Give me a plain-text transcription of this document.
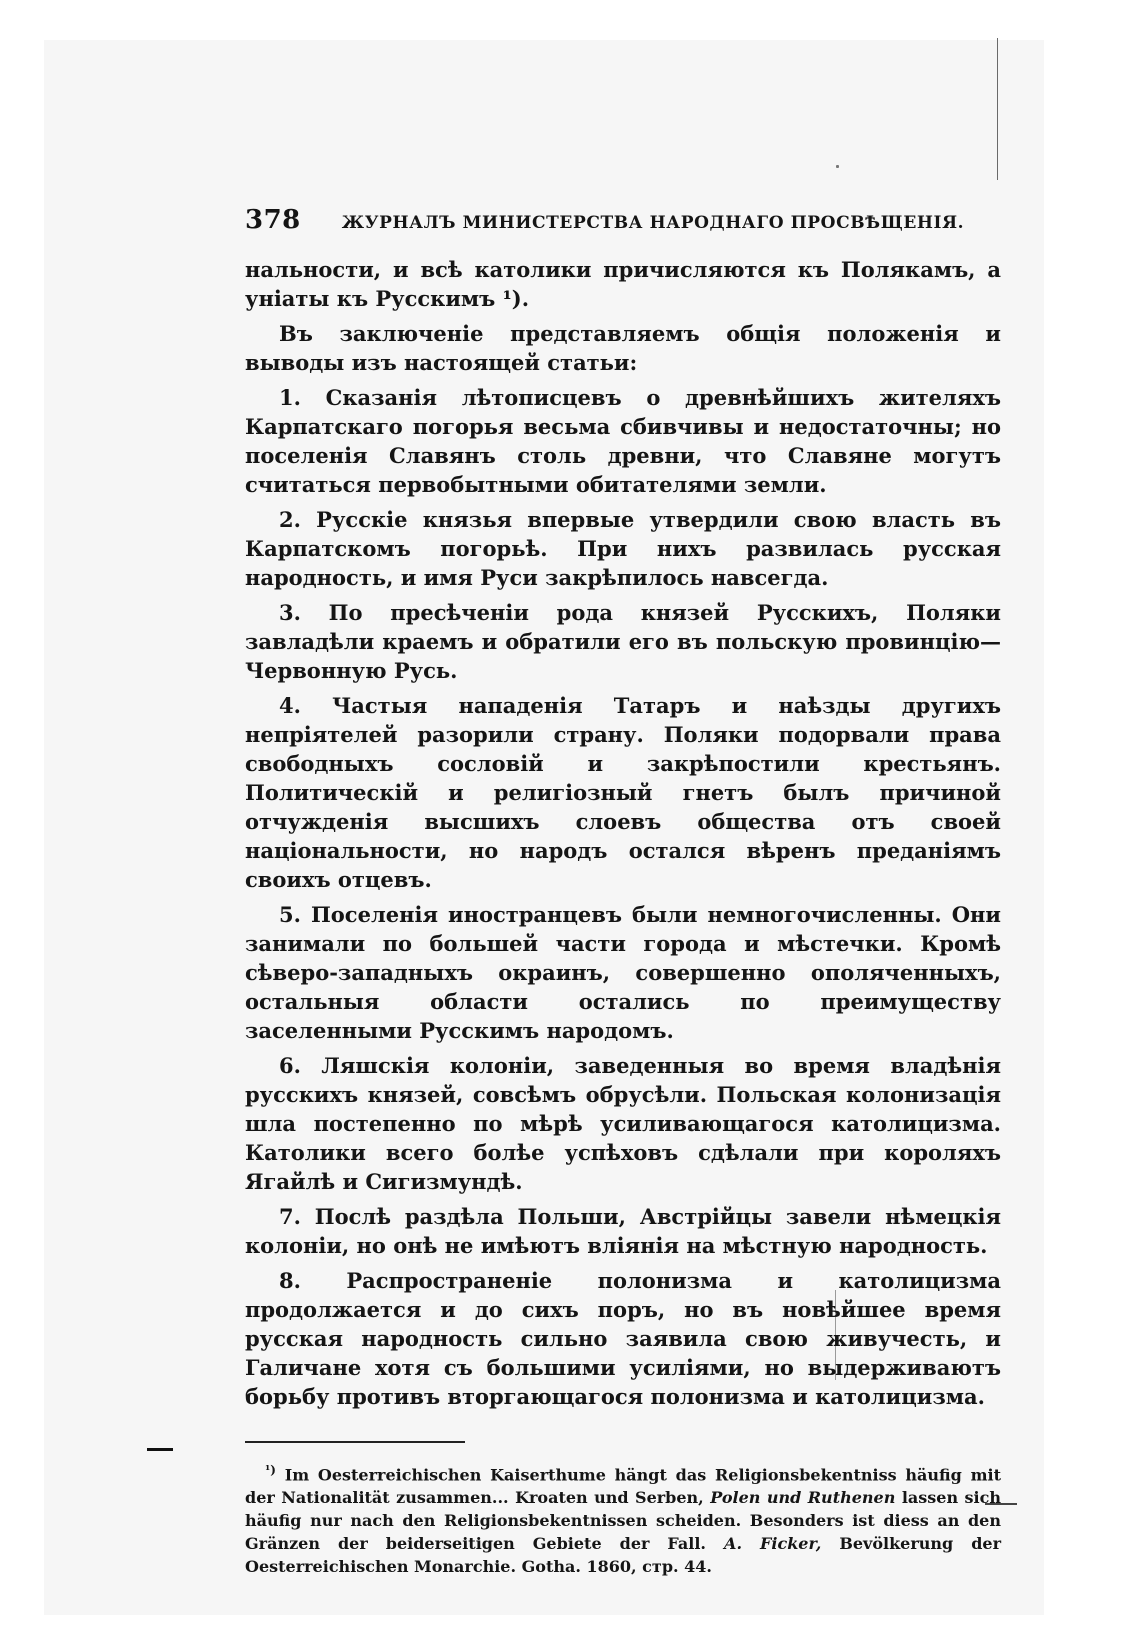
378	ЖУРНАЛЪ МИНИСТЕРСТВА НАРОДНАГО ПРОСВѢЩЕНІЯ.

нальности, и всѣ католики причисляются къ Полякамъ, а уніаты къ Русскимъ ¹).

Въ заключеніе представляемъ общія положенія и выводы изъ настоящей статьи:

1. Сказанія лѣтописцевъ о древнѣйшихъ жителяхъ Карпатскаго погорья весьма сбивчивы и недостаточны; но поселенія Славянъ столь древни, что Славяне могутъ считаться первобытными обитателями земли.

2. Русскіе князья впервые утвердили свою власть въ Карпатскомъ погорьѣ. При нихъ развилась русская народность, и имя Руси закрѣпилось навсегда.

3. По пресѣченіи рода князей Русскихъ, Поляки завладѣли краемъ и обратили его въ польскую провинцію—Червонную Русь.

4. Частыя нападенія Татаръ и наѣзды другихъ непріятелей разорили страну. Поляки подорвали права свободныхъ сословій и закрѣпостили крестьянъ. Политическій и религіозный гнетъ былъ причиной отчужденія высшихъ слоевъ общества отъ своей національности, но народъ остался вѣренъ преданіямъ своихъ отцевъ.

5. Поселенія иностранцевъ были немногочисленны. Они занимали по большей части города и мѣстечки. Кромѣ сѣверо-западныхъ окраинъ, совершенно ополяченныхъ, остальныя области остались по преимуществу заселенными Русскимъ народомъ.

6. Ляшскія колоніи, заведенныя во время владѣнія русскихъ князей, совсѣмъ обрусѣли. Польская колонизація шла постепенно по мѣрѣ усиливающагося католицизма. Католики всего болѣе успѣховъ сдѣлали при короляхъ Ягайлѣ и Сигизмундѣ.

7. Послѣ раздѣла Польши, Австрійцы завели нѣмецкія колоніи, но онѣ не имѣютъ вліянія на мѣстную народность.

8. Распространеніе полонизма и католицизма продолжается и до сихъ поръ, но въ новѣйшее время русская народность сильно заявила свою живучесть, и Галичане хотя съ большими усиліями, но выдерживаютъ борьбу противъ вторгающагося полонизма и католицизма.

$^{^1)}$ Im Oesterreichischen Kaiserthume hängt das Religionsbekentniss häufig mit der Nationalität zusammen... Kroaten und Serben, Polen und Ruthenen lassen sich häufig nur nach den Religionsbekentnissen scheiden. Besonders ist diess an den Gränzen der beiderseitigen Gebiete der Fall. A. Ficker, Bevölkerung der Oesterreichischen Monarchie. Gotha. 1860, стр. 44.
